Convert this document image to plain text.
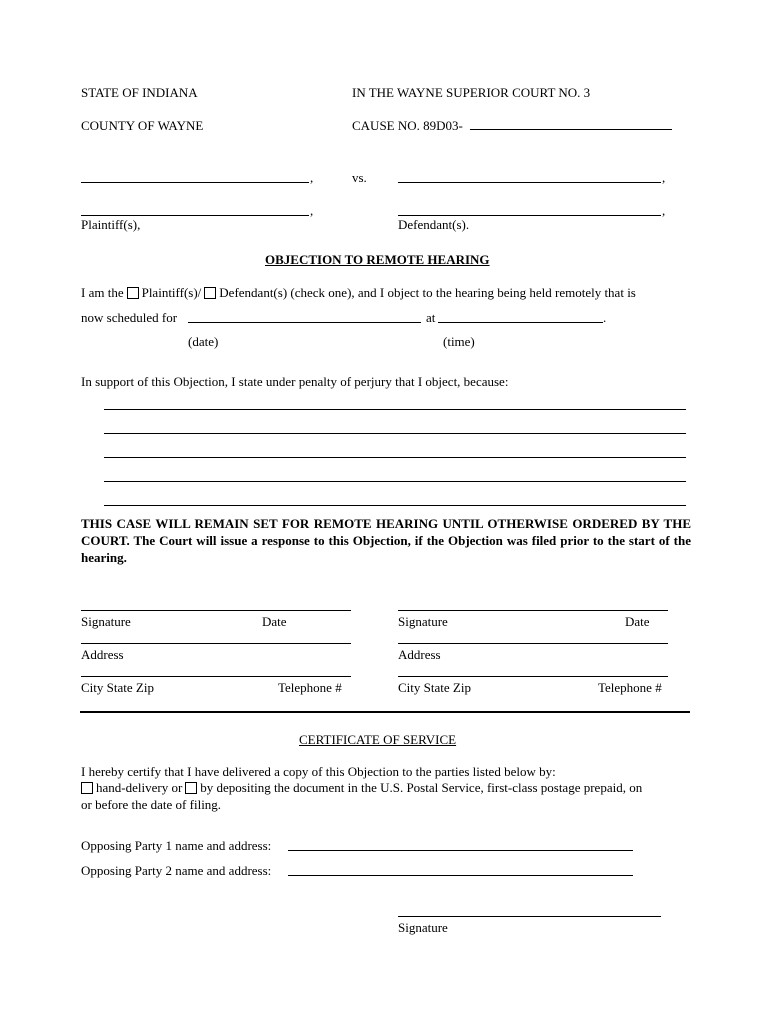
STATE OF INDIANA	IN THE WAYNE SUPERIOR COURT NO. 3
COUNTY OF WAYNE	CAUSE NO. 89D03-
,	vs.	,
,	,
Plaintiff(s),	Defendant(s).
OBJECTION TO REMOTE HEARING
I am the Plaintiff(s)/ Defendant(s) (check one), and I object to the hearing being held remotely that is
now scheduled for	at	.
(date)	(time)
In support of this Objection, I state under penalty of perjury that I object, because:
THIS CASE WILL REMAIN SET FOR REMOTE HEARING UNTIL OTHERWISE ORDERED BY THE COURT. The Court will issue a response to this Objection, if the Objection was filed prior to the start of the hearing.
Signature	Date
Address
City State Zip	Telephone #
Signature	Date
Address
City State Zip	Telephone #
CERTIFICATE OF SERVICE
I hereby certify that I have delivered a copy of this Objection to the parties listed below by:
hand-delivery or by depositing the document in the U.S. Postal Service, first-class postage prepaid, on
or before the date of filing.
Opposing Party 1 name and address:
Opposing Party 2 name and address:
Signature
